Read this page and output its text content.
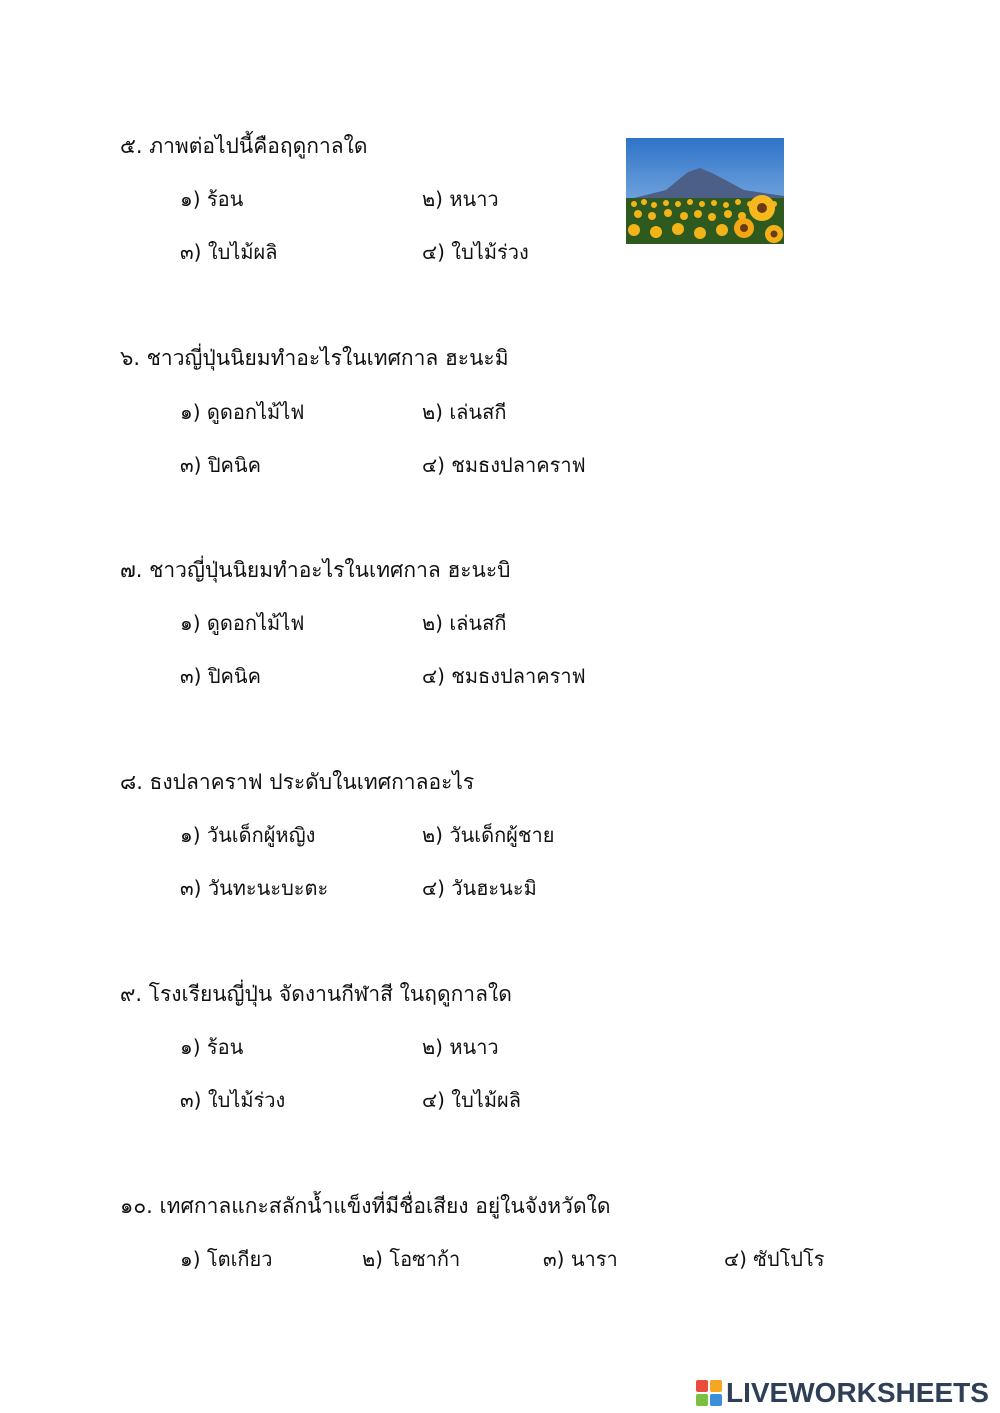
๕. ภาพต่อไปนี้คือฤดูกาลใด
๑) ร้อน	๒) หนาว
๓) ใบไม้ผลิ	๔) ใบไม้ร่วง
๖. ชาวญี่ปุ่นนิยมทำอะไรในเทศกาล ฮะนะมิ
๑) ดูดอกไม้ไฟ	๒) เล่นสกี
๓) ปิคนิค	๔) ชมธงปลาคราฟ
๗. ชาวญี่ปุ่นนิยมทำอะไรในเทศกาล ฮะนะบิ
๑) ดูดอกไม้ไฟ	๒) เล่นสกี
๓) ปิคนิค	๔) ชมธงปลาคราฟ
๘. ธงปลาคราฟ ประดับในเทศกาลอะไร
๑) วันเด็กผู้หญิง	๒) วันเด็กผู้ชาย
๓) วันทะนะบะตะ	๔) วันฮะนะมิ
๙. โรงเรียนญี่ปุ่น จัดงานกีฬาสี ในฤดูกาลใด
๑) ร้อน	๒) หนาว
๓) ใบไม้ร่วง	๔) ใบไม้ผลิ
๑๐. เทศกาลแกะสลักน้ำแข็งที่มีชื่อเสียง อยู่ในจังหวัดใด
๑) โตเกียว	๒) โอซาก้า	๓) นารา	๔) ซัปโปโร
LIVEWORKSHEETS
